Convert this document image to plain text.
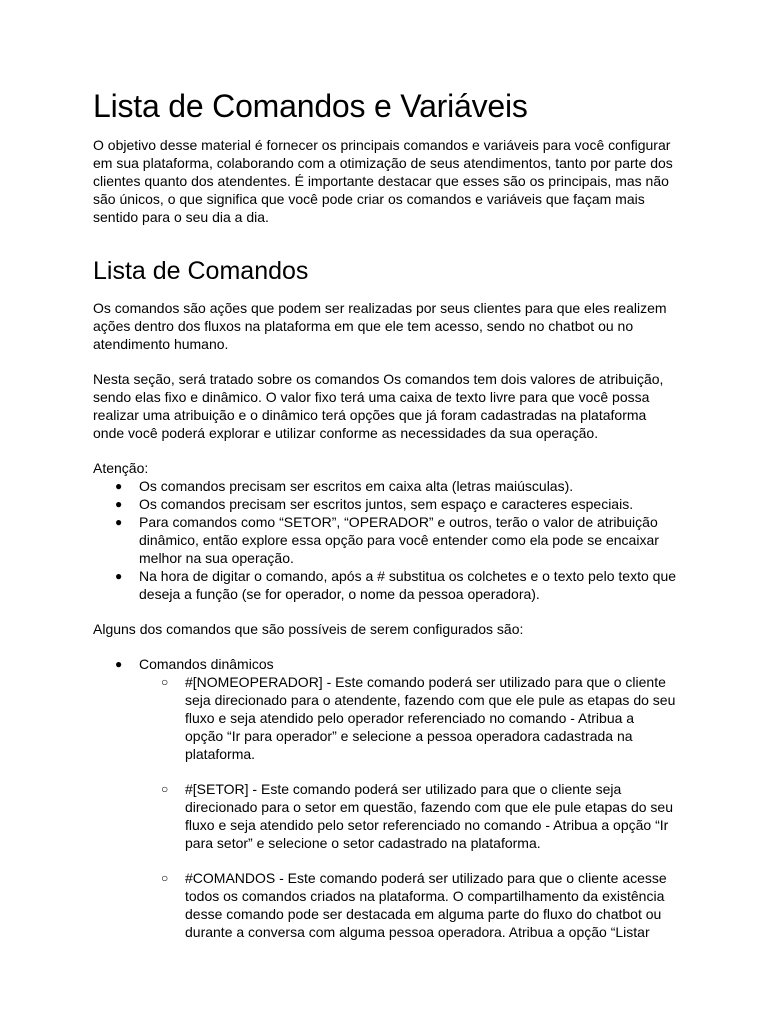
Lista de Comandos e Variáveis

O objetivo desse material é fornecer os principais comandos e variáveis para você configurar em sua plataforma, colaborando com a otimização de seus atendimentos, tanto por parte dos clientes quanto dos atendentes. É importante destacar que esses são os principais, mas não são únicos, o que significa que você pode criar os comandos e variáveis que façam mais sentido para o seu dia a dia.

Lista de Comandos

Os comandos são ações que podem ser realizadas por seus clientes para que eles realizem ações dentro dos fluxos na plataforma em que ele tem acesso, sendo no chatbot ou no atendimento humano.

Nesta seção, será tratado sobre os comandos Os comandos tem dois valores de atribuição, sendo elas fixo e dinâmico. O valor fixo terá uma caixa de texto livre para que você possa realizar uma atribuição e o dinâmico terá opções que já foram cadastradas na plataforma onde você poderá explorar e utilizar conforme as necessidades da sua operação.

Atenção:

● Os comandos precisam ser escritos em caixa alta (letras maiúsculas).
● Os comandos precisam ser escritos juntos, sem espaço e caracteres especiais.
● Para comandos como “SETOR”, “OPERADOR” e outros, terão o valor de atribuição dinâmico, então explore essa opção para você entender como ela pode se encaixar melhor na sua operação.
● Na hora de digitar o comando, após a # substitua os colchetes e o texto pelo texto que deseja a função (se for operador, o nome da pessoa operadora).

Alguns dos comandos que são possíveis de serem configurados são:

● Comandos dinâmicos
○ #[NOMEOPERADOR] - Este comando poderá ser utilizado para que o cliente seja direcionado para o atendente, fazendo com que ele pule as etapas do seu fluxo e seja atendido pelo operador referenciado no comando - Atribua a opção “Ir para operador” e selecione a pessoa operadora cadastrada na plataforma.
○ #[SETOR] - Este comando poderá ser utilizado para que o cliente seja direcionado para o setor em questão, fazendo com que ele pule etapas do seu fluxo e seja atendido pelo setor referenciado no comando - Atribua a opção “Ir para setor” e selecione o setor cadastrado na plataforma.
○ #COMANDOS - Este comando poderá ser utilizado para que o cliente acesse todos os comandos criados na plataforma. O compartilhamento da existência desse comando pode ser destacada em alguma parte do fluxo do chatbot ou durante a conversa com alguma pessoa operadora. Atribua a opção “Listar
